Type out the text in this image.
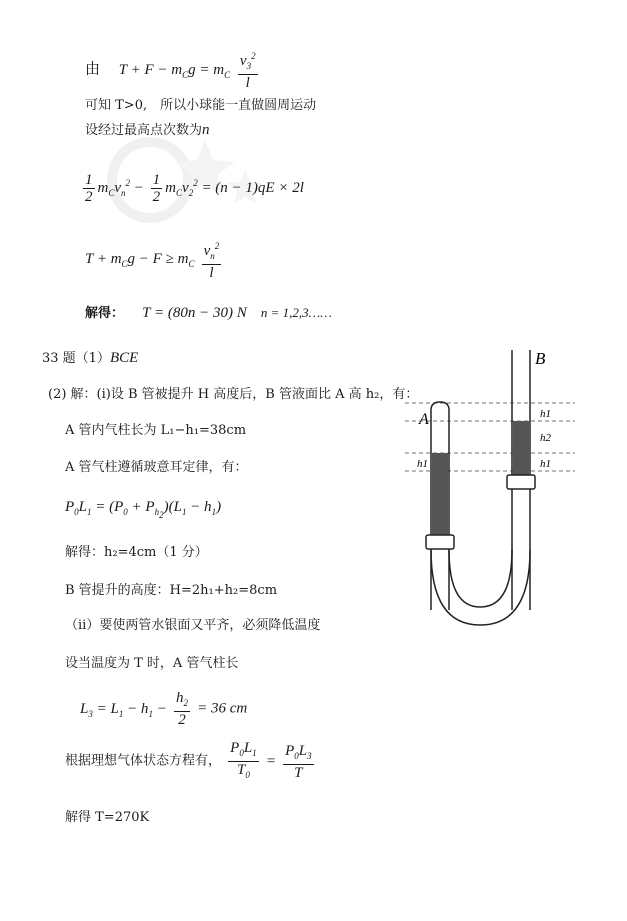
由 $T + F - m_Cg = m_C \frac{v_3^2}{l}$
可知 T>0,　所以小球能一直做圆周运动
设经过最高点次数为n
$\frac{1}{2} m_Cv_n^2 - \frac{1}{2} m_Cv_2^2 = (n - 1)qE \times 2l$
$T + m_Cg - F \ge m_C \frac{v_n^2}{l}$
解得： T = (80n − 30) N n = 1,2,3……
33 题（1）BCE
(2) 解：(ⅰ)设 B 管被提升 H 高度后，B 管液面比 A 高 h₂，有：
A 管内气柱长为 L₁−h₁=38cm
A 管气柱遵循玻意耳定律，有：
$P_0L_1 = (P_0 + P_{h_2})(L_1 - h_1)$
解得：h₂=4cm（1 分）
B 管提升的高度：H=2h₁+h₂=8cm
（ⅱ）要使两管水银面又平齐，必须降低温度
设当温度为 T 时，A 管气柱长
$L_3 = L_1 - h_1 - \frac{h_2}{2} = 36$ cm
根据理想气体状态方程有， $\frac{P_0L_1}{T_0} = \frac{P_0L_3}{T}$
解得 T=270K
A
B
h1
h2
h1
h1
